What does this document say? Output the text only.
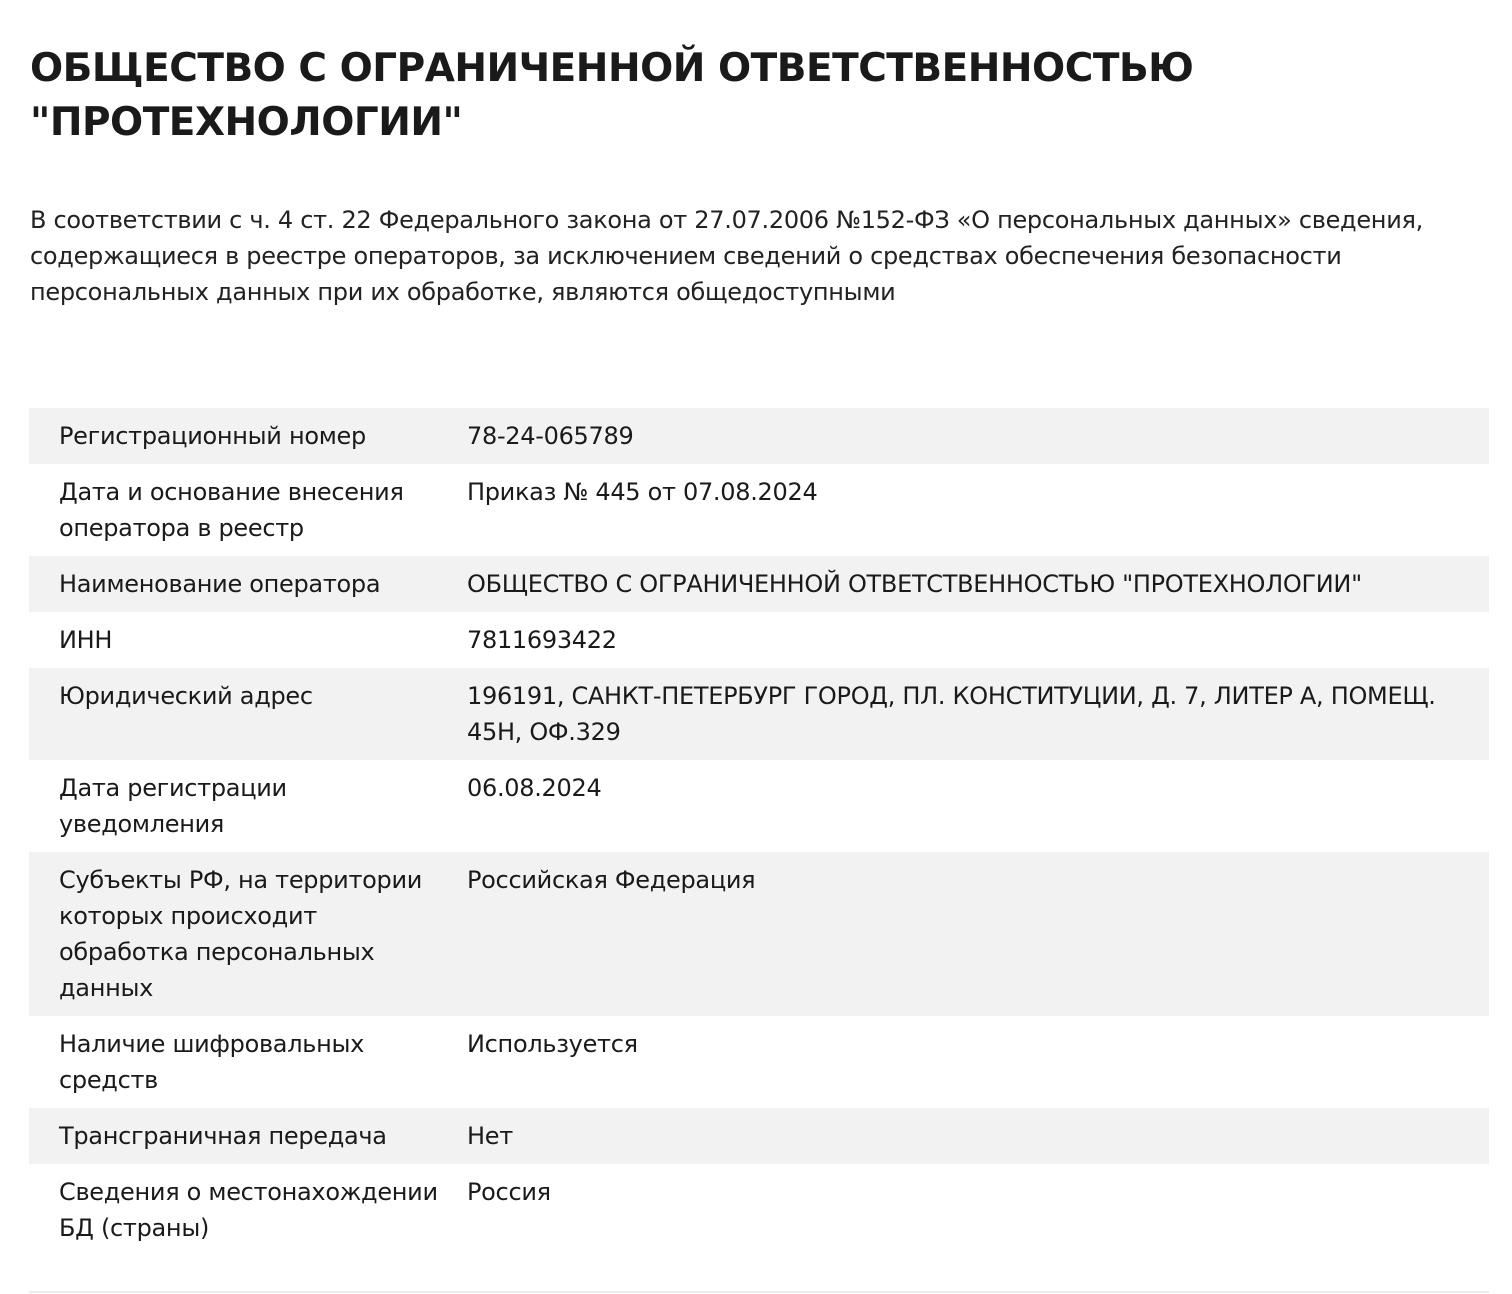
ОБЩЕСТВО С ОГРАНИЧЕННОЙ ОТВЕТСТВЕННОСТЬЮ
"ПРОТЕХНОЛОГИИ"

В соответствии с ч. 4 ст. 22 Федерального закона от 27.07.2006 №152-ФЗ «О персональных данных» сведения, содержащиеся в реестре операторов, за исключением сведений о средствах обеспечения безопасности персональных данных при их обработке, являются общедоступными

Регистрационный номер	78-24-065789
Дата и основание внесения оператора в реестр	Приказ № 445 от 07.08.2024
Наименование оператора	ОБЩЕСТВО С ОГРАНИЧЕННОЙ ОТВЕТСТВЕННОСТЬЮ "ПРОТЕХНОЛОГИИ"
ИНН	7811693422
Юридический адрес	196191, САНКТ-ПЕТЕРБУРГ ГОРОД, ПЛ. КОНСТИТУЦИИ, Д. 7, ЛИТЕР А, ПОМЕЩ. 45Н, ОФ.329
Дата регистрации уведомления	06.08.2024
Субъекты РФ, на территории которых происходит обработка персональных данных	Российская Федерация
Наличие шифровальных средств	Используется
Трансграничная передача	Нет
Сведения о местонахождении БД (страны)	Россия
